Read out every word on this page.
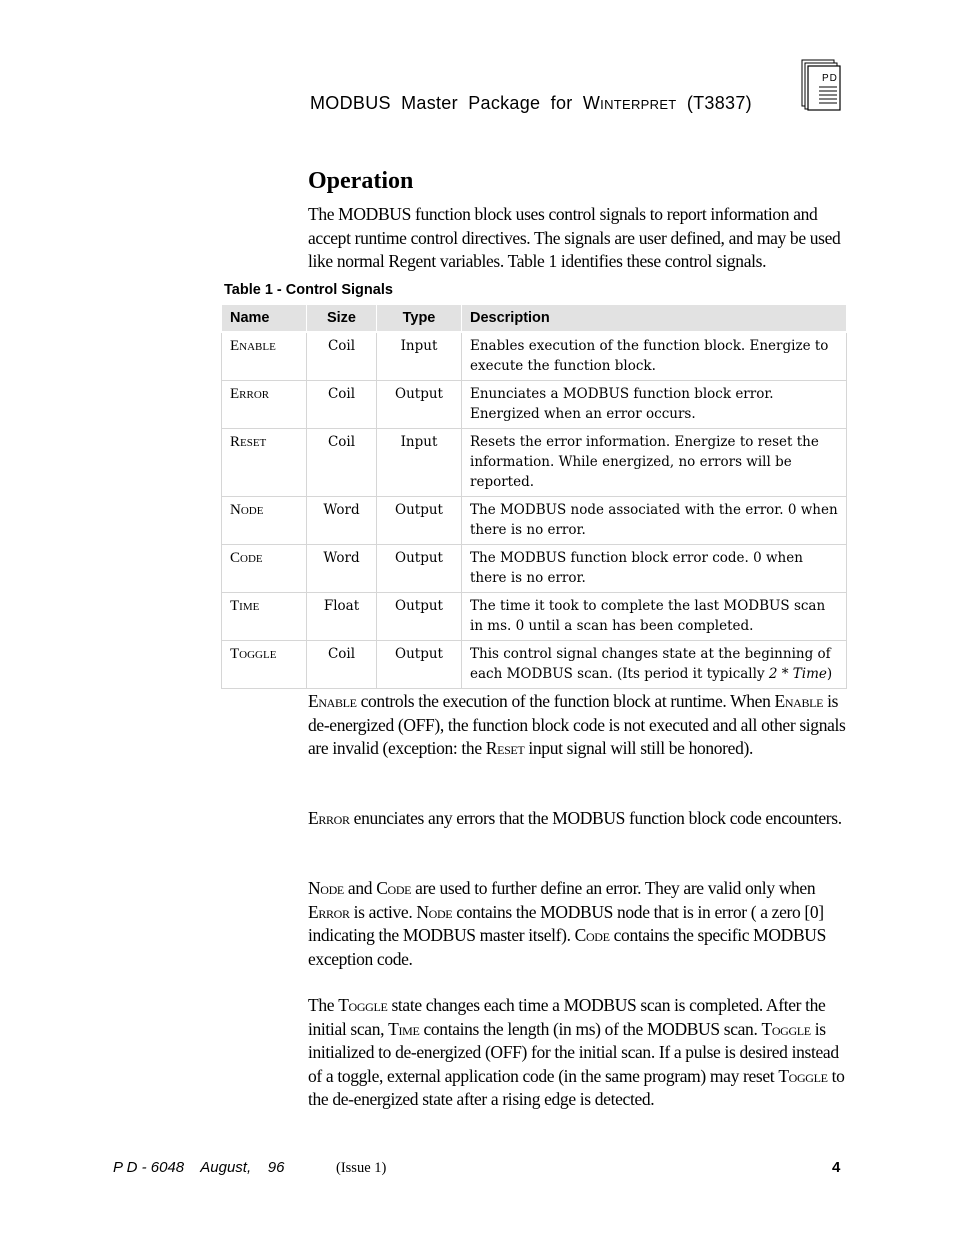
MODBUS Master Package for Winterpret (T3837)
PD
Operation

The MODBUS function block uses control signals to report information and accept runtime control directives. The signals are user defined, and may be used like normal Regent variables. Table 1 identifies these control signals.

Table 1 - Control Signals
Name	Size	Type	Description
Enable	Coil	Input	Enables execution of the function block. Energize to execute the function block.
Error	Coil	Output	Enunciates a MODBUS function block error. Energized when an error occurs.
Reset	Coil	Input	Resets the error information. Energize to reset the information. While energized, no errors will be reported.
Node	Word	Output	The MODBUS node associated with the error. 0 when there is no error.
Code	Word	Output	The MODBUS function block error code. 0 when there is no error.
Time	Float	Output	The time it took to complete the last MODBUS scan in ms. 0 until a scan has been completed.
Toggle	Coil	Output	This control signal changes state at the beginning of each MODBUS scan. (Its period it typically 2 * Time)

Enable controls the execution of the function block at runtime. When Enable is de-energized (OFF), the function block code is not executed and all other signals are invalid (exception: the Reset input signal will still be honored).

Error enunciates any errors that the MODBUS function block code encounters.

Node and Code are used to further define an error. They are valid only when Error is active. Node contains the MODBUS node that is in error ( a zero [0] indicating the MODBUS master itself). Code contains the specific MODBUS exception code.

The Toggle state changes each time a MODBUS scan is completed. After the initial scan, Time contains the length (in ms) of the MODBUS scan. Toggle is initialized to de-energized (OFF) for the initial scan. If a pulse is desired instead of a toggle, external application code (in the same program) may reset Toggle to the de-energized state after a rising edge is detected.

P D - 6048    August,    96	(Issue 1)	4
